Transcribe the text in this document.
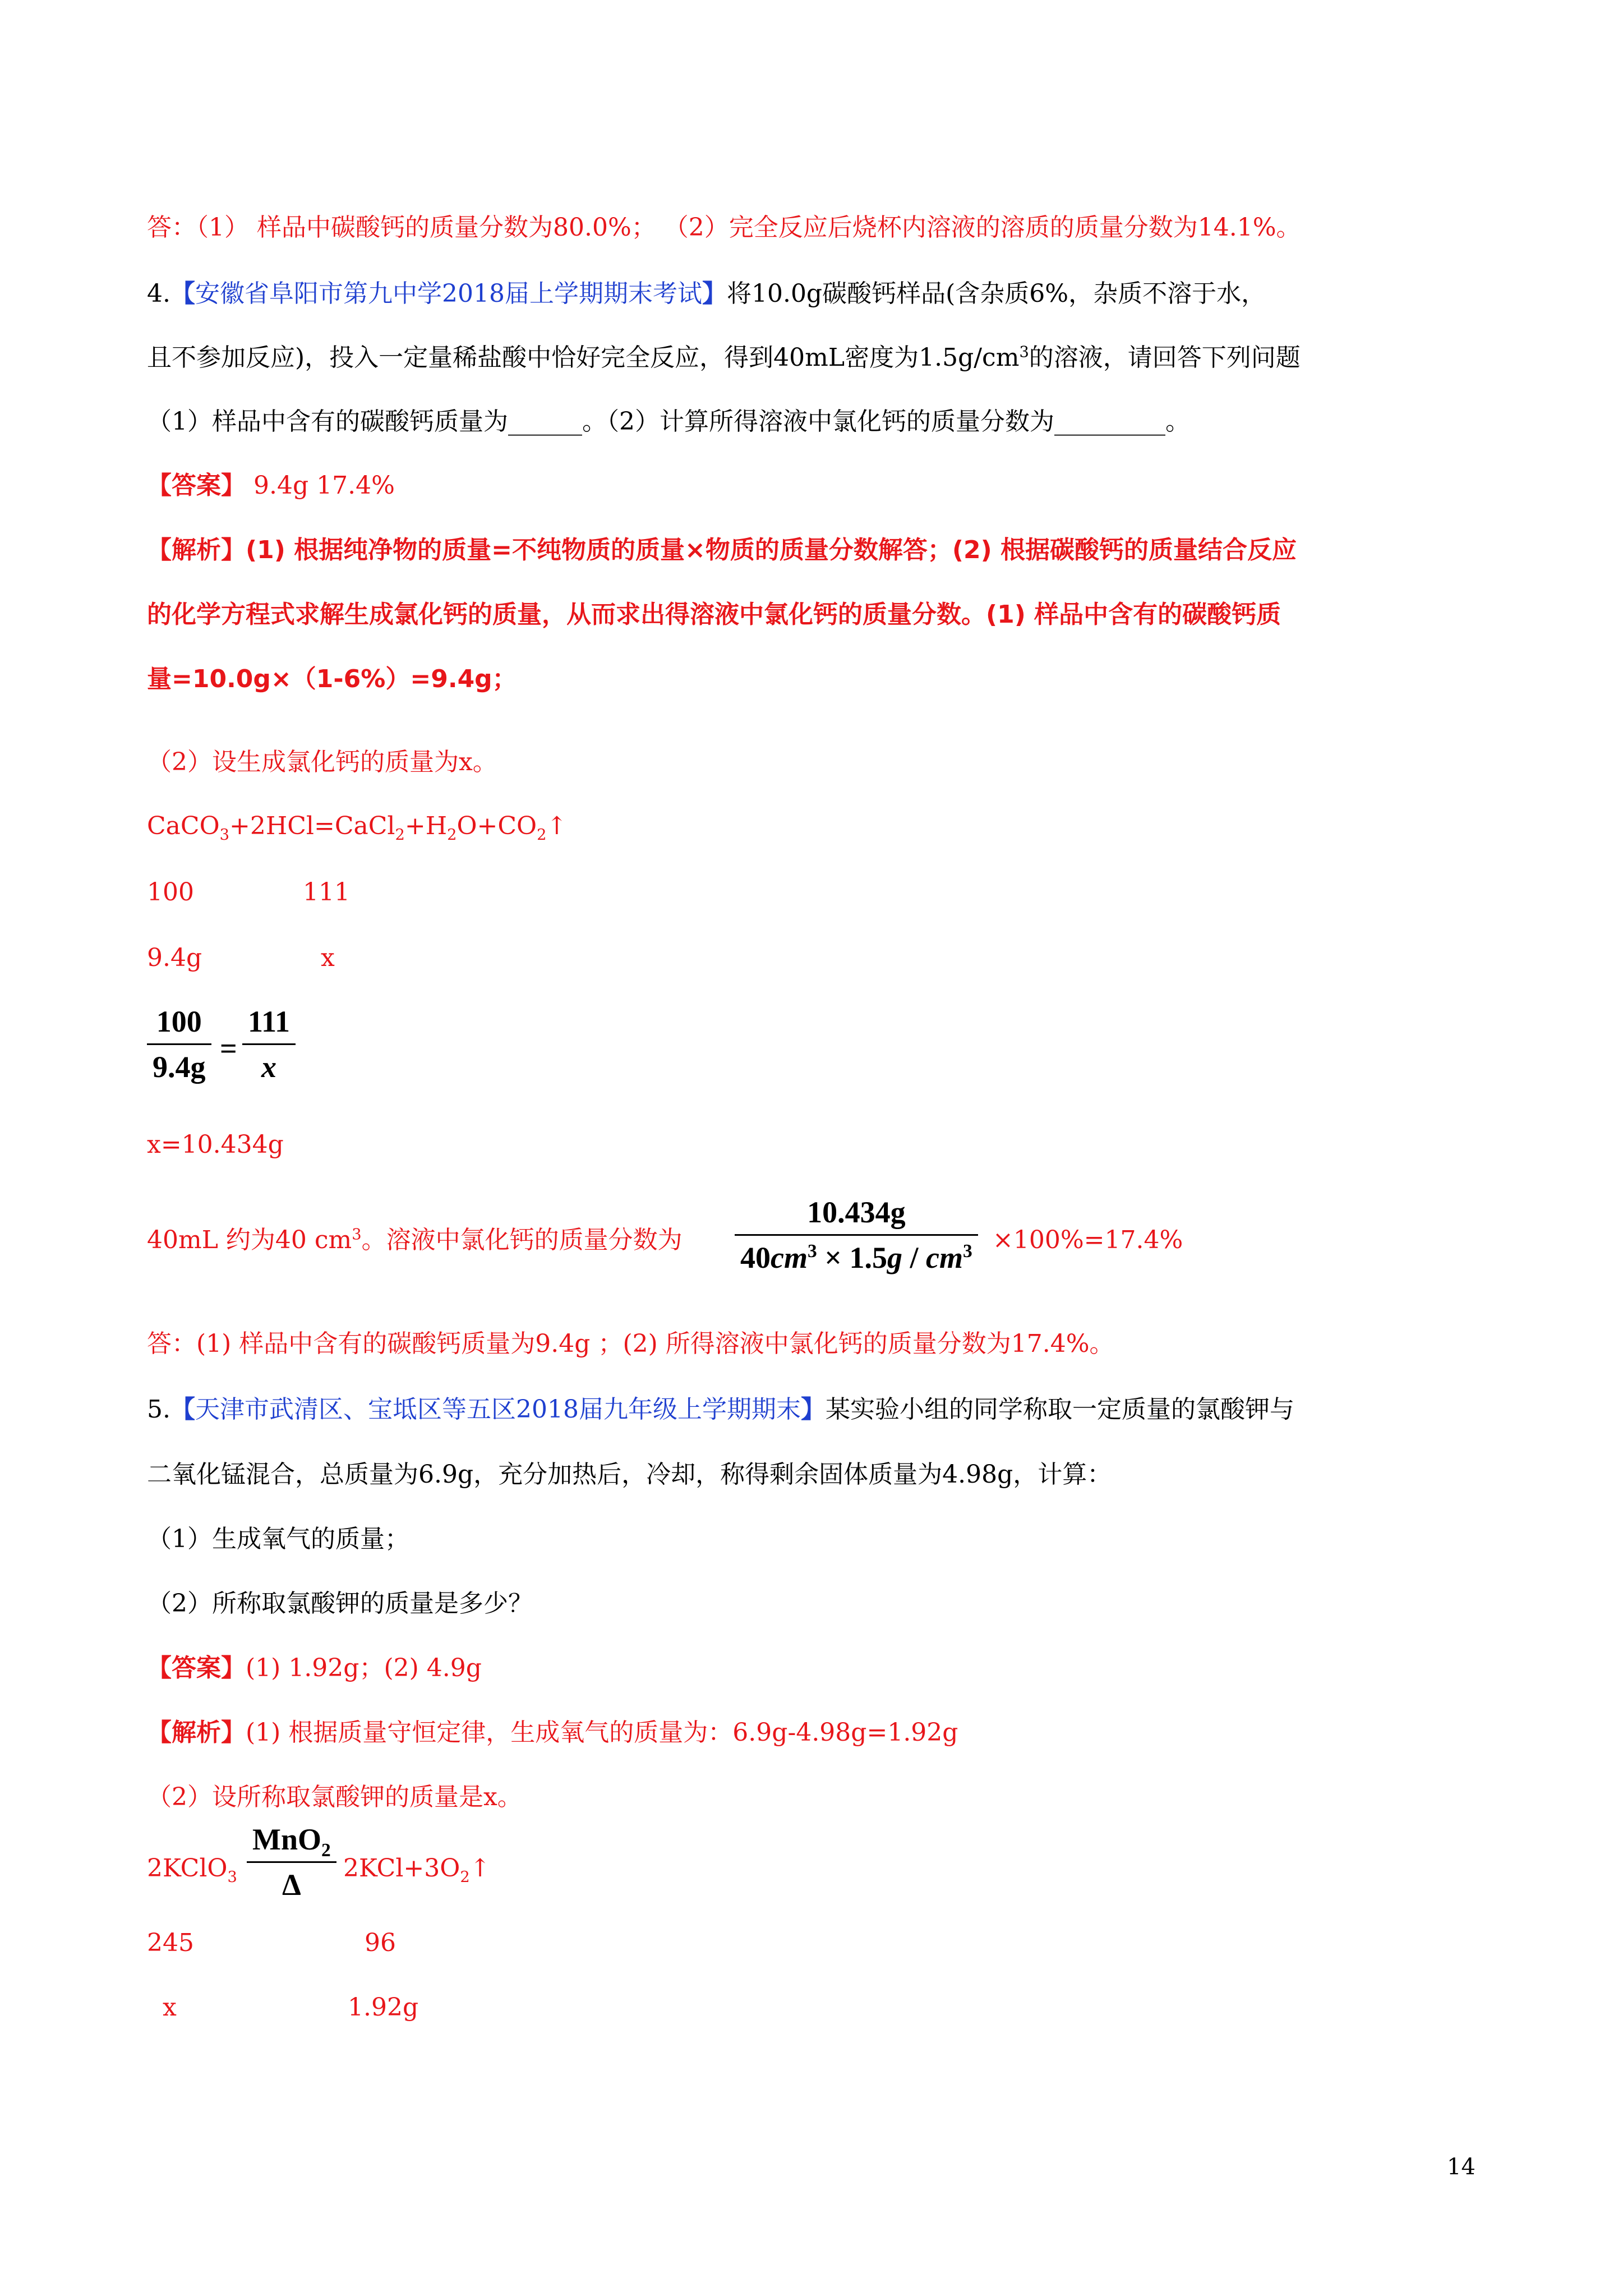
答：（1） 样品中碳酸钙的质量分数为80.0%； （2）完全反应后烧杯内溶液的溶质的质量分数为14.1%。
4.【安徽省阜阳市第九中学2018届上学期期末考试】将10.0g碳酸钙样品(含杂质6%，杂质不溶于水，
且不参加反应)，投入一定量稀盐酸中恰好完全反应，得到40mL密度为$1.5g/cm^3$的溶液，请回答下列问题
（1）样品中含有的碳酸钙质量为______。（2）计算所得溶液中氯化钙的质量分数为_________。
【答案】 9.4g 17.4%
【解析】(1) 根据纯净物的质量=不纯物质的质量×物质的质量分数解答；(2) 根据碳酸钙的质量结合反应
的化学方程式求解生成氯化钙的质量，从而求出得溶液中氯化钙的质量分数。(1) 样品中含有的碳酸钙质
量=10.0g×（1-6%）=9.4g；
（2）设生成氯化钙的质量为x。
$CaCO_3+2HCl=CaCl_2+H_2O+CO_2↑$
100	111
9.4g	x
100
9.4g
=
111
x
x=10.434g
40mL 约为40 $cm^3$。溶液中氯化钙的质量分数为
10.434g
$40cm^3 \times 1.5g / cm^3 \times 100\%=17.4\%$
答：(1) 样品中含有的碳酸钙质量为9.4g ；(2) 所得溶液中氯化钙的质量分数为17.4%。
5.【天津市武清区、宝坻区等五区2018届九年级上学期期末】某实验小组的同学称取一定质量的氯酸钾与
二氧化锰混合，总质量为6.9g，充分加热后，冷却，称得剩余固体质量为4.98g，计算：
（1）生成氧气的质量；
（2）所称取氯酸钾的质量是多少？
【答案】(1) 1.92g；(2) 4.9g
【解析】(1) 根据质量守恒定律，生成氧气的质量为：6.9g-4.98g=1.92g
（2）设所称取氯酸钾的质量是x。
2KClO$_3$
MnO$_2$
Δ $2KCl+3O_2↑$
245	96
x	1.92g
14
